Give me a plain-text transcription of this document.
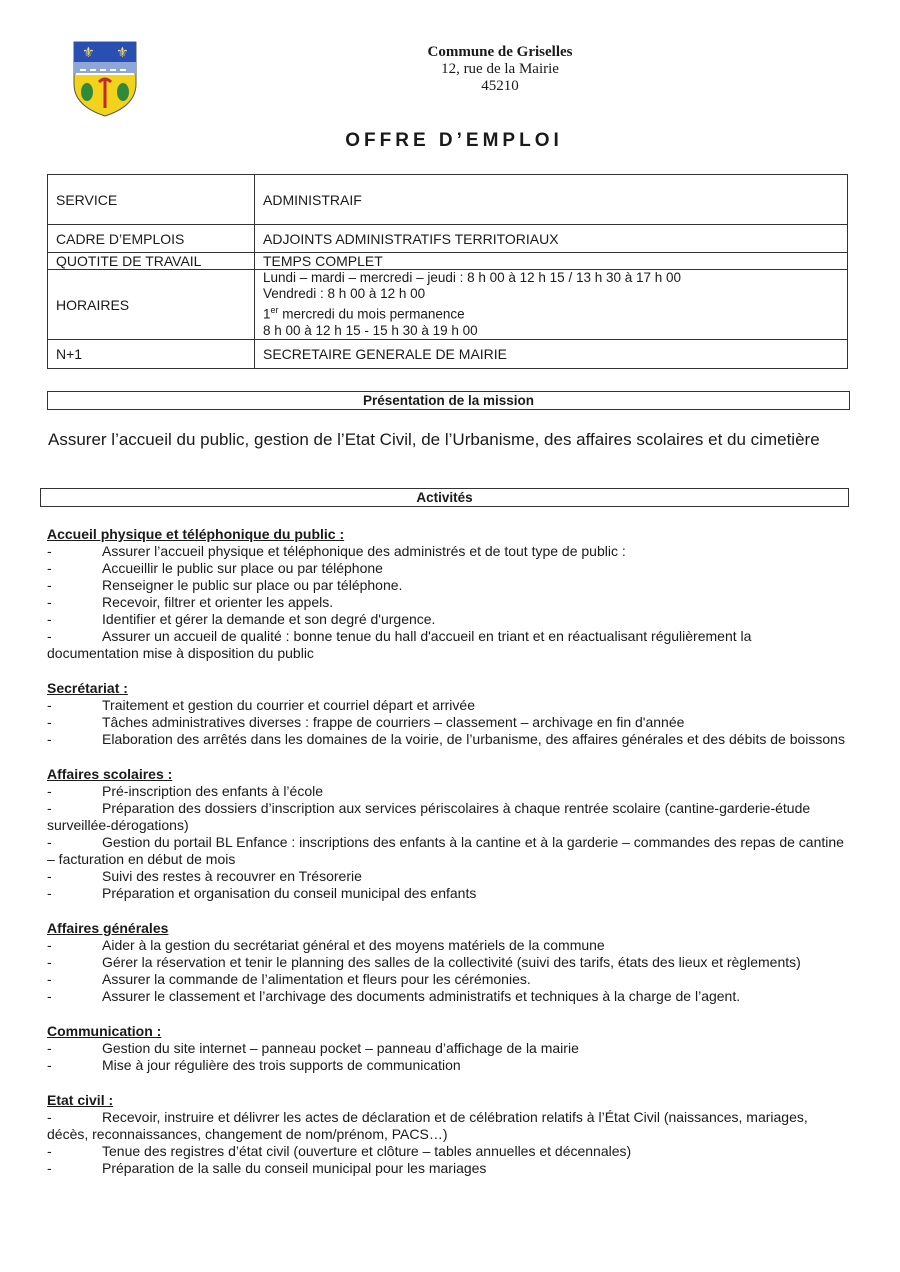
⚜ ⚜	Commune de Griselles
12, rue de la Mairie
45210
OFFRE D’EMPLOI
SERVICE	ADMINISTRAIF
CADRE D’EMPLOIS	ADJOINTS ADMINISTRATIFS TERRITORIAUX
QUOTITE DE TRAVAIL	TEMPS COMPLET
HORAIRES	Lundi – mardi – mercredi – jeudi : 8 h 00 à 12 h 15 / 13 h 30 à 17 h 00
Vendredi : 8 h 00 à 12 h 00
1er mercredi du mois permanence
8 h 00 à 12 h 15 - 15 h 30 à 19 h 00

N+1	SECRETAIRE GENERALE DE MAIRIE
Présentation de la mission
Assurer l’accueil du public, gestion de l’Etat Civil, de l’Urbanisme, des affaires scolaires et du cimetière
Activités
Accueil physique et téléphonique du public :
-	Assurer l’accueil physique et téléphonique des administrés et de tout type de public :
-	Accueillir le public sur place ou par téléphone
-	Renseigner le public sur place ou par téléphone.
-	Recevoir, filtrer et orienter les appels.
-	Identifier et gérer la demande et son degré d'urgence.
-	Assurer un accueil de qualité : bonne tenue du hall d'accueil en triant et en réactualisant régulièrement la documentation mise à disposition du public
Secrétariat :
-	Traitement et gestion du courrier et courriel départ et arrivée
-	Tâches administratives diverses : frappe de courriers – classement – archivage en fin d'année
-	Elaboration des arrêtés dans les domaines de la voirie, de l’urbanisme, des affaires générales et des débits de boissons
Affaires scolaires :
-	Pré-inscription des enfants à l’école
-	Préparation des dossiers d’inscription aux services périscolaires à chaque rentrée scolaire (cantine-garderie-étude surveillée-dérogations)
-	Gestion du portail BL Enfance : inscriptions des enfants à la cantine et à la garderie – commandes des repas de cantine – facturation en début de mois
-	Suivi des restes à recouvrer en Trésorerie
-	Préparation et organisation du conseil municipal des enfants
Affaires générales
-	Aider à la gestion du secrétariat général et des moyens matériels de la commune
-	Gérer la réservation et tenir le planning des salles de la collectivité (suivi des tarifs, états des lieux et règlements)
-	Assurer la commande de l’alimentation et fleurs pour les cérémonies.
-	Assurer le classement et l’archivage des documents administratifs et techniques à la charge de l’agent.
Communication :
-	Gestion du site internet – panneau pocket – panneau d’affichage de la mairie
-	Mise à jour régulière des trois supports de communication
Etat civil :
-	Recevoir, instruire et délivrer les actes de déclaration et de célébration relatifs à l’État Civil (naissances, mariages, décès, reconnaissances, changement de nom/prénom, PACS…)
-	Tenue des registres d’état civil (ouverture et clôture – tables annuelles et décennales)
-	Préparation de la salle du conseil municipal pour les mariages
